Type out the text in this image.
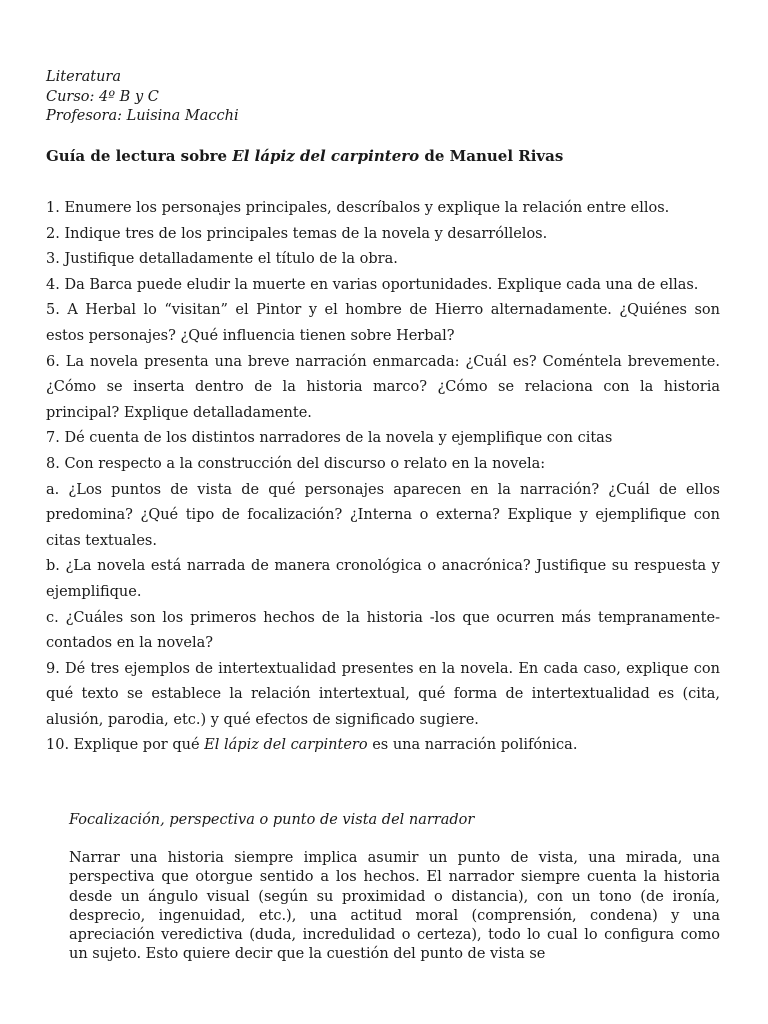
Literatura
Curso: 4º B y C
Profesora: Luisina Macchi
Guía de lectura sobre El lápiz del carpintero de Manuel Rivas
1. Enumere los personajes principales, descríbalos y explique la relación entre ellos.
2. Indique tres de los principales temas de la novela y desarróllelos.
3. Justifique detalladamente el título de la obra.
4. Da Barca puede eludir la muerte en varias oportunidades. Explique cada una de ellas.
5. A Herbal lo “visitan” el Pintor y el hombre de Hierro alternadamente. ¿Quiénes son estos personajes? ¿Qué influencia tienen sobre Herbal?
6. La novela presenta una breve narración enmarcada: ¿Cuál es? Coméntela brevemente. ¿Cómo se inserta dentro de la historia marco? ¿Cómo se relaciona con la historia principal? Explique detalladamente.
7. Dé cuenta de los distintos narradores de la novela y ejemplifique con citas
8. Con respecto a la construcción del discurso o relato en la novela:
a. ¿Los puntos de vista de qué personajes aparecen en la narración? ¿Cuál de ellos predomina? ¿Qué tipo de focalización? ¿Interna o externa? Explique y ejemplifique con citas textuales.
b. ¿La novela está narrada de manera cronológica o anacrónica? Justifique su respuesta y ejemplifique.
c. ¿Cuáles son los primeros hechos de la historia -los que ocurren más tempranamente- contados en la novela?
9. Dé tres ejemplos de intertextualidad presentes en la novela. En cada caso, explique con qué texto se establece la relación intertextual, qué forma de intertextualidad es (cita, alusión, parodia, etc.) y qué efectos de significado sugiere.
10. Explique por qué El lápiz del carpintero es una narración polifónica.
Focalización, perspectiva o punto de vista del narrador
Narrar una historia siempre implica asumir un punto de vista, una mirada, una perspectiva que otorgue sentido a los hechos. El narrador siempre cuenta la historia desde un ángulo visual (según su proximidad o distancia), con un tono (de ironía, desprecio, ingenuidad, etc.), una actitud moral (comprensión, condena) y una apreciación veredictiva (duda, incredulidad o certeza), todo lo cual lo configura como un sujeto. Esto quiere decir que la cuestión del punto de vista se
